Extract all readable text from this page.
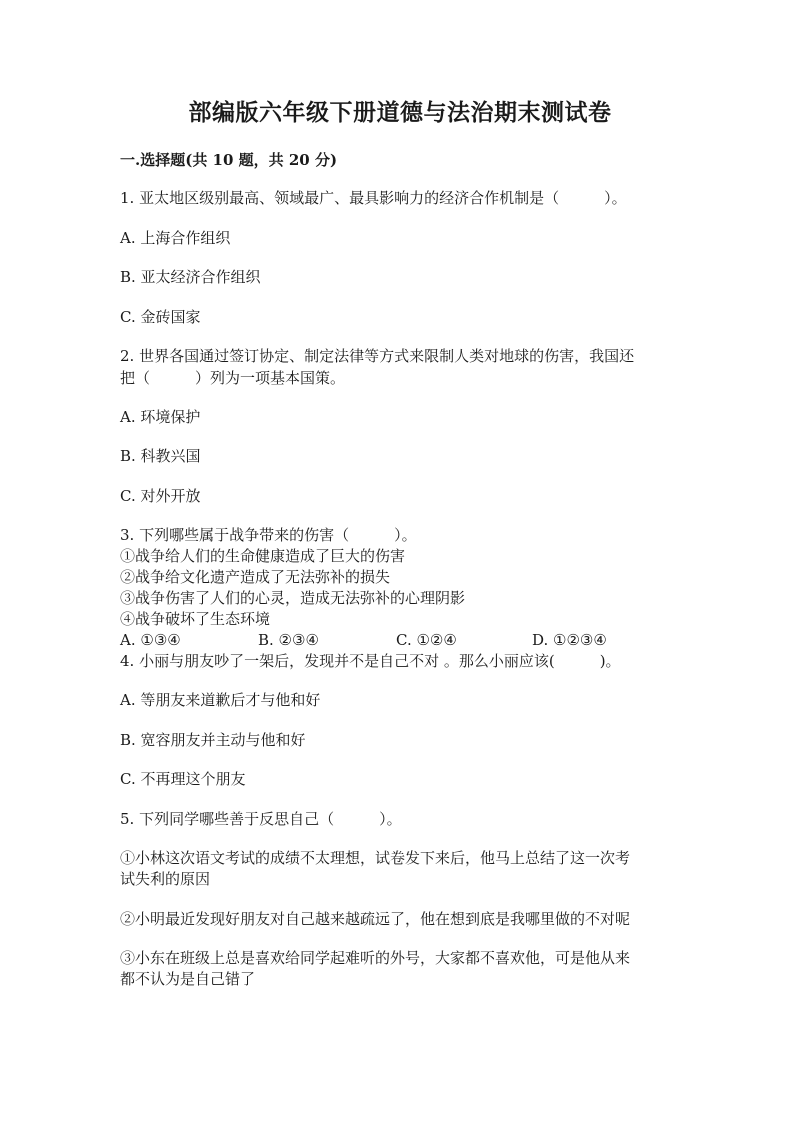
部编版六年级下册道德与法治期末测试卷
一.选择题(共 10 题，共 20 分)
1. 亚太地区级别最高、领域最广、最具影响力的经济合作机制是（　　　）。
A. 上海合作组织
B. 亚太经济合作组织
C. 金砖国家
2. 世界各国通过签订协定、制定法律等方式来限制人类对地球的伤害，我国还
把（　　　）列为一项基本国策。
A. 环境保护
B. 科教兴国
C. 对外开放
3. 下列哪些属于战争带来的伤害（　　　）。
①战争给人们的生命健康造成了巨大的伤害
②战争给文化遗产造成了无法弥补的损失
③战争伤害了人们的心灵，造成无法弥补的心理阴影
④战争破坏了生态环境
A. ①③④	B. ②③④	C. ①②④	D. ①②③④
4. 小丽与朋友吵了一架后，发现并不是自己不对 。那么小丽应该(　　　)。
A. 等朋友来道歉后才与他和好
B. 宽容朋友并主动与他和好
C. 不再理这个朋友
5. 下列同学哪些善于反思自己（　　　）。
①小林这次语文考试的成绩不太理想，试卷发下来后，他马上总结了这一次考
试失利的原因
②小明最近发现好朋友对自己越来越疏远了，他在想到底是我哪里做的不对呢
③小东在班级上总是喜欢给同学起难听的外号，大家都不喜欢他，可是他从来
都不认为是自己错了
